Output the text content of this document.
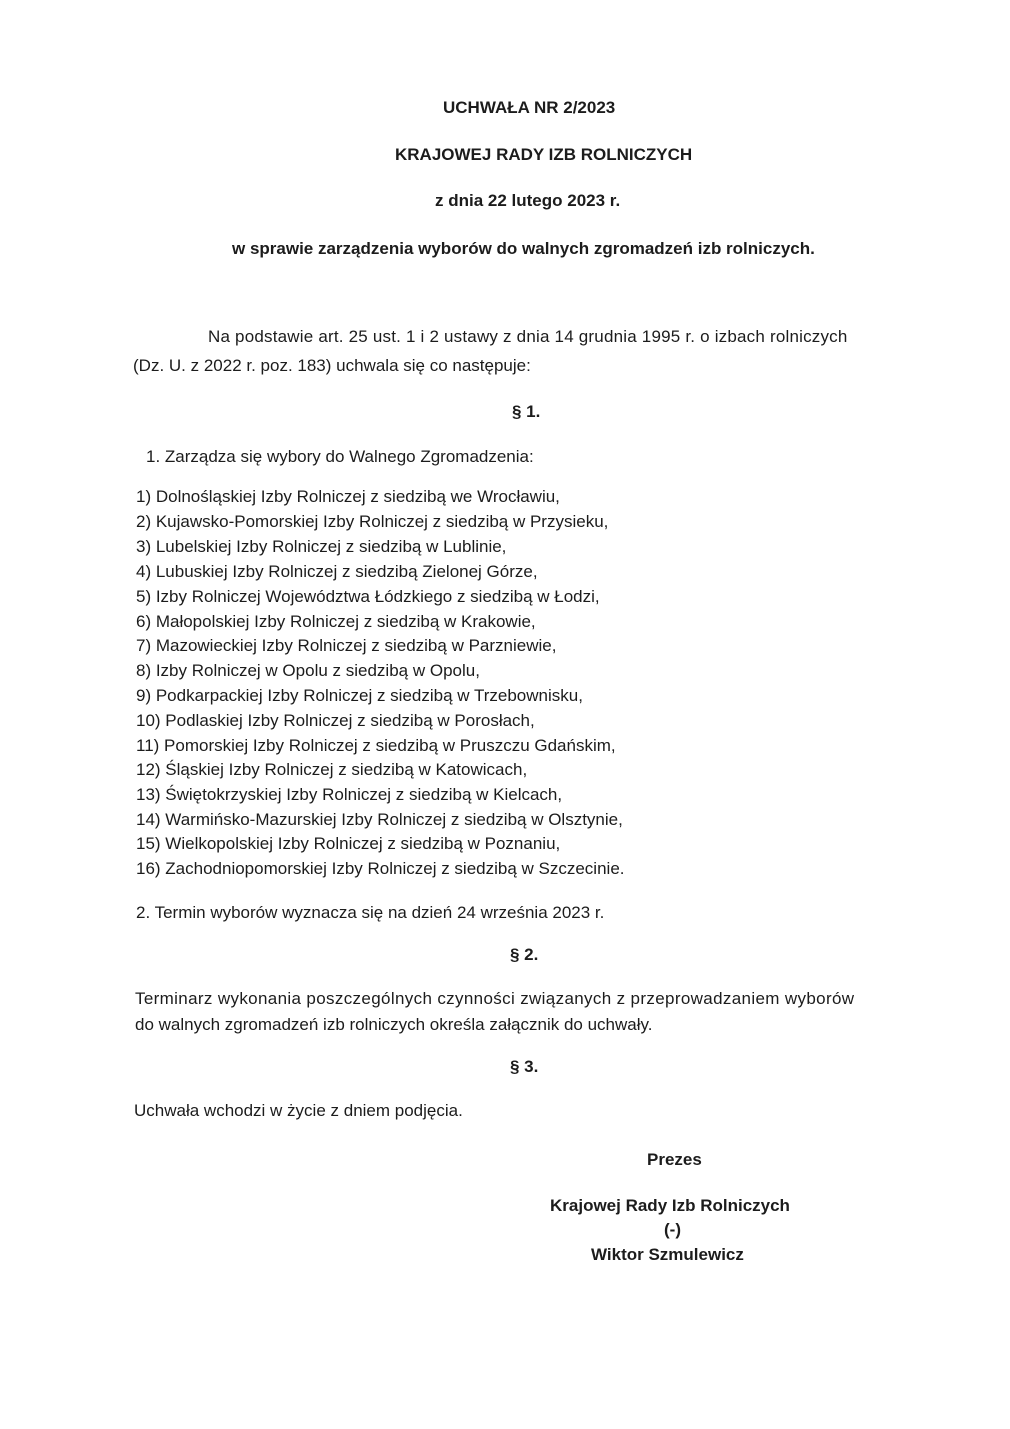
UCHWAŁA NR 2/2023
KRAJOWEJ RADY IZB ROLNICZYCH
z dnia 22 lutego 2023 r.
w sprawie zarządzenia wyborów do walnych zgromadzeń izb rolniczych.
Na podstawie art. 25 ust. 1 i 2 ustawy z dnia 14 grudnia 1995 r. o izbach rolniczych
(Dz. U. z 2022 r. poz. 183) uchwala się co następuje:
§ 1.
1. Zarządza się wybory do Walnego Zgromadzenia:
1) Dolnośląskiej Izby Rolniczej z siedzibą we Wrocławiu,
2) Kujawsko-Pomorskiej Izby Rolniczej z siedzibą w Przysieku,
3) Lubelskiej Izby Rolniczej z siedzibą w Lublinie,
4) Lubuskiej Izby Rolniczej z siedzibą Zielonej Górze,
5) Izby Rolniczej Województwa Łódzkiego z siedzibą w Łodzi,
6) Małopolskiej Izby Rolniczej z siedzibą w Krakowie,
7) Mazowieckiej Izby Rolniczej z siedzibą w Parzniewie,
8) Izby Rolniczej w Opolu z siedzibą w Opolu,
9) Podkarpackiej Izby Rolniczej z siedzibą w Trzebownisku,
10) Podlaskiej Izby Rolniczej z siedzibą w Porosłach,
11) Pomorskiej Izby Rolniczej z siedzibą w Pruszczu Gdańskim,
12) Śląskiej Izby Rolniczej z siedzibą w Katowicach,
13) Świętokrzyskiej Izby Rolniczej z siedzibą w Kielcach,
14) Warmińsko-Mazurskiej Izby Rolniczej z siedzibą w Olsztynie,
15) Wielkopolskiej Izby Rolniczej z siedzibą w Poznaniu,
16) Zachodniopomorskiej Izby Rolniczej z siedzibą w Szczecinie.
2. Termin wyborów wyznacza się na dzień 24 września 2023 r.
§ 2.
Terminarz wykonania poszczególnych czynności związanych z przeprowadzaniem wyborów
do walnych zgromadzeń izb rolniczych określa załącznik do uchwały.
§ 3.
Uchwała wchodzi w życie z dniem podjęcia.
Prezes
Krajowej Rady Izb Rolniczych
(-)
Wiktor Szmulewicz
